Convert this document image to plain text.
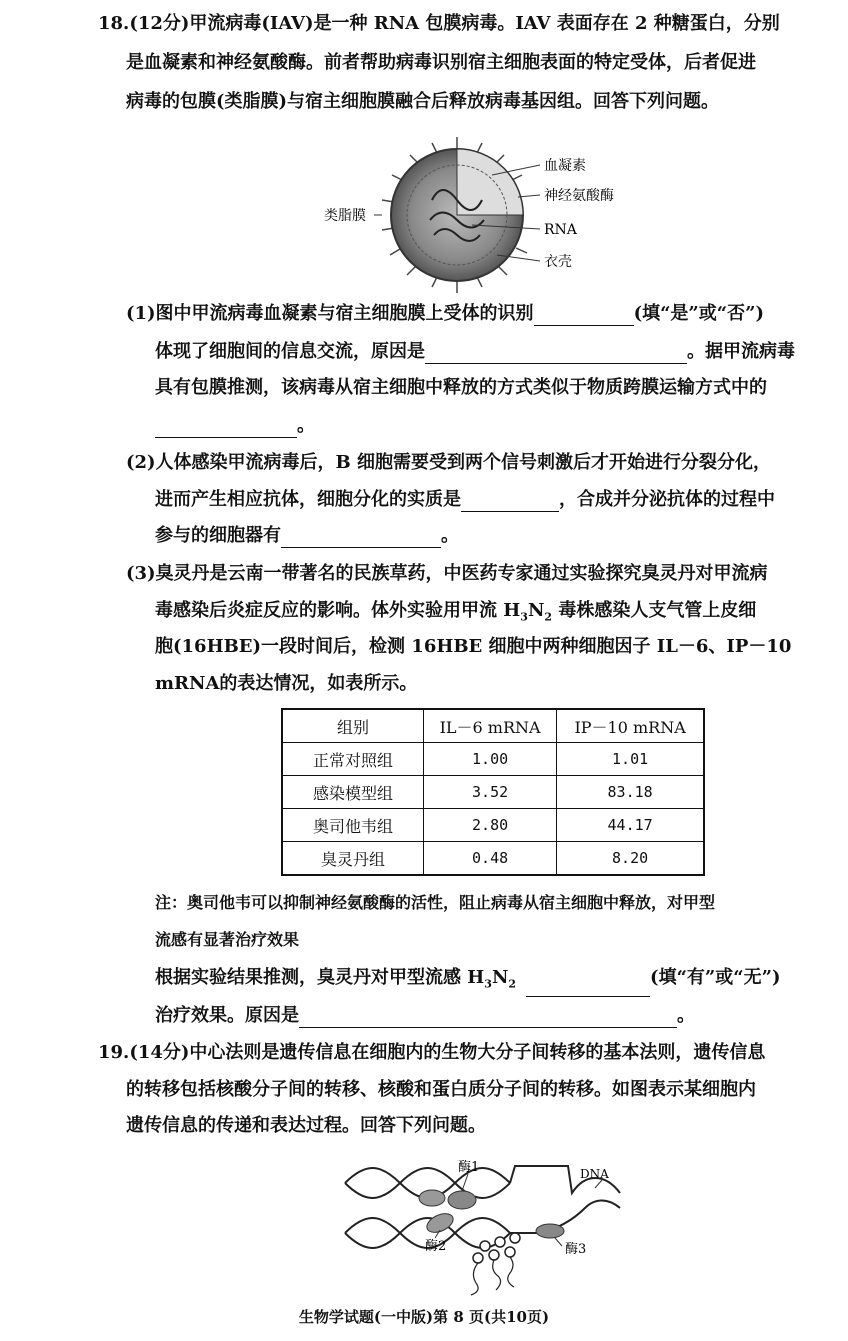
18.(12分)甲流病毒(IAV)是一种 RNA 包膜病毒。IAV 表面存在 2 种糖蛋白，分别
是血凝素和神经氨酸酶。前者帮助病毒识别宿主细胞表面的特定受体，后者促进
病毒的包膜(类脂膜)与宿主细胞膜融合后释放病毒基因组。回答下列问题。
血凝素
神经氨酸酶
类脂膜
RNA
衣壳
(1)图中甲流病毒血凝素与宿主细胞膜上受体的识别	(填“是”或“否”)
体现了细胞间的信息交流，原因是	。据甲流病毒
具有包膜推测，该病毒从宿主细胞中释放的方式类似于物质跨膜运输方式中的
。
(2)人体感染甲流病毒后，B 细胞需要受到两个信号刺激后才开始进行分裂分化，
进而产生相应抗体，细胞分化的实质是	，合成并分泌抗体的过程中
参与的细胞器有	。
(3)臭灵丹是云南一带著名的民族草药，中医药专家通过实验探究臭灵丹对甲流病
毒感染后炎症反应的影响。体外实验用甲流 $H_3N_2$ 毒株感染人支气管上皮细
胞(16HBE)一段时间后，检测 16HBE 细胞中两种细胞因子 IL－6、IP－10
mRNA的表达情况，如表所示。
组别	IL－6 mRNA	IP－10 mRNA
正常对照组	1.00	1.01
感染模型组	3.52	83.18
奥司他韦组	2.80	44.17
臭灵丹组	0.48	8.20
注：奥司他韦可以抑制神经氨酸酶的活性，阻止病毒从宿主细胞中释放，对甲型
流感有显著治疗效果
根据实验结果推测，臭灵丹对甲型流感 $H_3N_2$	(填“有”或“无”)
治疗效果。原因是	。
19.(14分)中心法则是遗传信息在细胞内的生物大分子间转移的基本法则，遗传信息
的转移包括核酸分子间的转移、核酸和蛋白质分子间的转移。如图表示某细胞内
遗传信息的传递和表达过程。回答下列问题。
酶1	DNA
酶2	酶3
生物学试题(一中版)第 8 页(共10页)
